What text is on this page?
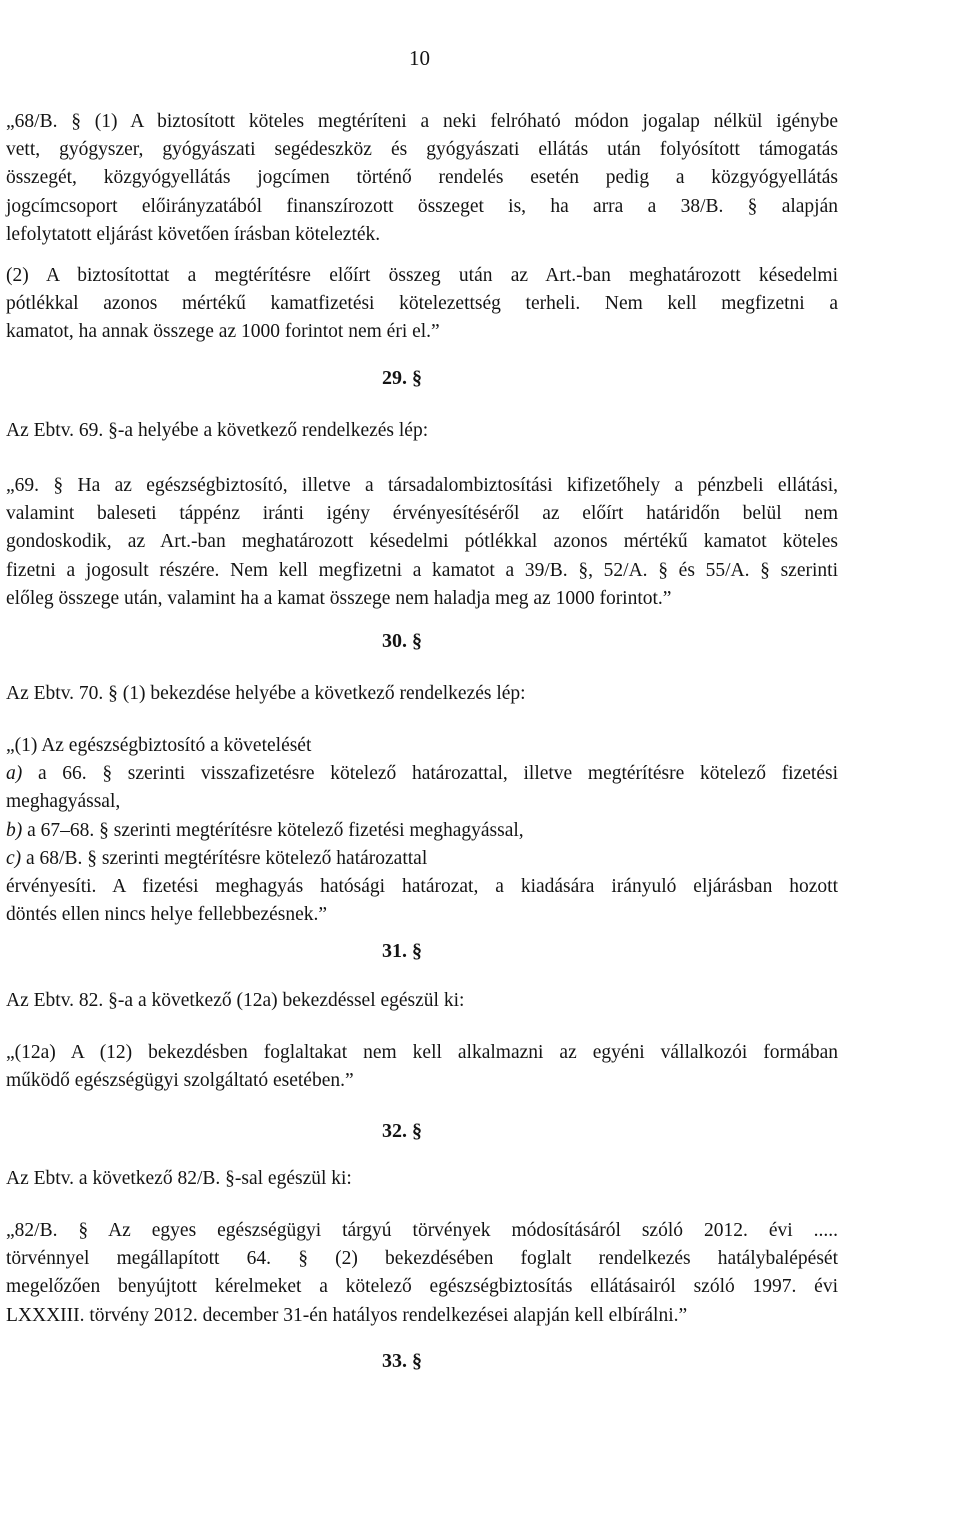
10
„68/B. § (1) A biztosított köteles megtéríteni a neki felróható módon jogalap nélkül igénybe
vett, gyógyszer, gyógyászati segédeszköz és gyógyászati ellátás után folyósított támogatás
összegét, közgyógyellátás jogcímen történő rendelés esetén pedig a közgyógyellátás
jogcímcsoport előirányzatából finanszírozott összeget is, ha arra a 38/B. § alapján
lefolytatott eljárást követően írásban kötelezték.
(2) A biztosítottat a megtérítésre előírt összeg után az Art.-ban meghatározott késedelmi
pótlékkal azonos mértékű kamatfizetési kötelezettség terheli. Nem kell megfizetni a
kamatot, ha annak összege az 1000 forintot nem éri el.”
29. §
Az Ebtv. 69. §-a helyébe a következő rendelkezés lép:
„69. § Ha az egészségbiztosító, illetve a társadalombiztosítási kifizetőhely a pénzbeli ellátási,
valamint baleseti táppénz iránti igény érvényesítéséről az előírt határidőn belül nem
gondoskodik, az Art.-ban meghatározott késedelmi pótlékkal azonos mértékű kamatot köteles
fizetni a jogosult részére. Nem kell megfizetni a kamatot a 39/B. §, 52/A. § és 55/A. § szerinti
előleg összege után, valamint ha a kamat összege nem haladja meg az 1000 forintot.”
30. §
Az Ebtv. 70. § (1) bekezdése helyébe a következő rendelkezés lép:
„(1) Az egészségbiztosító a követelését
a) a 66. § szerinti visszafizetésre kötelező határozattal, illetve megtérítésre kötelező fizetési
meghagyással,
b) a 67–68. § szerinti megtérítésre kötelező fizetési meghagyással,
c) a 68/B. § szerinti megtérítésre kötelező határozattal
érvényesíti. A fizetési meghagyás hatósági határozat, a kiadására irányuló eljárásban hozott
döntés ellen nincs helye fellebbezésnek.”
31. §
Az Ebtv. 82. §-a a következő (12a) bekezdéssel egészül ki:
„(12a) A (12) bekezdésben foglaltakat nem kell alkalmazni az egyéni vállalkozói formában
működő egészségügyi szolgáltató esetében.”
32. §
Az Ebtv. a következő 82/B. §-sal egészül ki:
„82/B. § Az egyes egészségügyi tárgyú törvények módosításáról szóló 2012. évi .....
törvénnyel megállapított 64. § (2) bekezdésében foglalt rendelkezés hatálybalépését
megelőzően benyújtott kérelmeket a kötelező egészségbiztosítás ellátásairól szóló 1997. évi
LXXXIII. törvény 2012. december 31-én hatályos rendelkezései alapján kell elbírálni.”
33. §
